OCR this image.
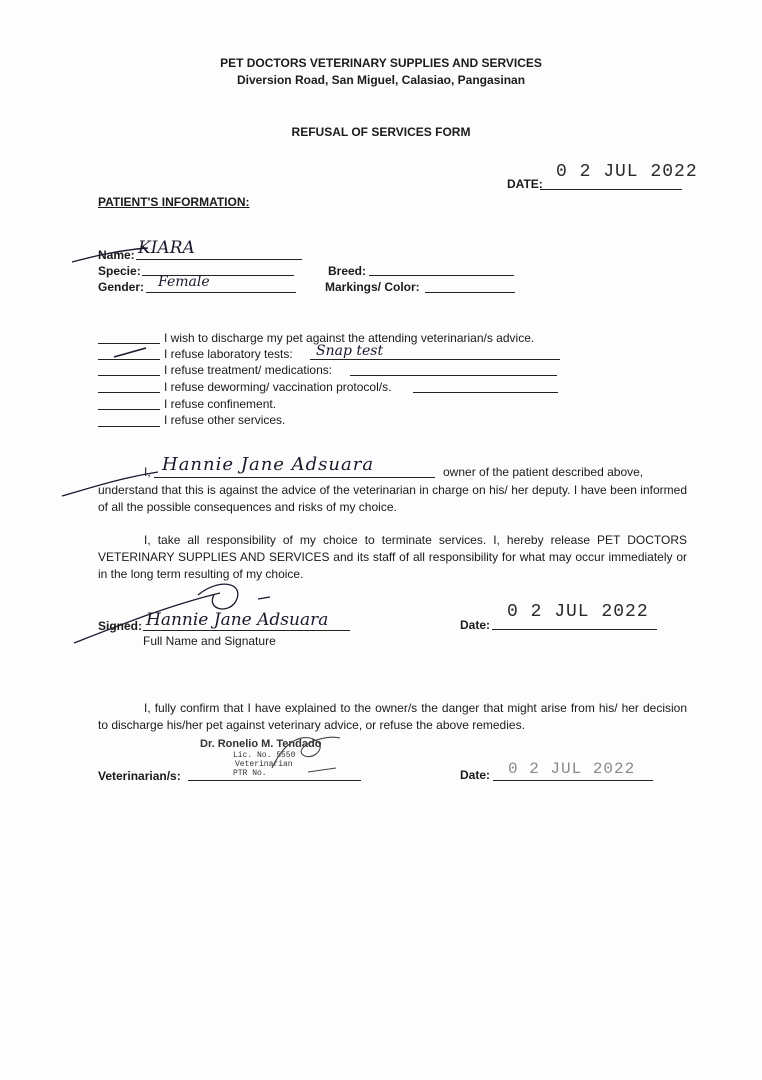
PET DOCTORS VETERINARY SUPPLIES AND SERVICES
Diversion Road, San Miguel, Calasiao, Pangasinan
REFUSAL OF SERVICES FORM
DATE:
0 2 JUL 2022
PATIENT'S INFORMATION:
Name: KIARA
Specie:	Breed:
Gender: Female	Markings/ Color:
I wish to discharge my pet against the attending veterinarian/s advice.
I refuse laboratory tests: Snap test
I refuse treatment/ medications:
I refuse deworming/ vaccination protocol/s.
I refuse confinement.
I refuse other services.
I, Hannie Jane Adsuara	owner of the patient described above,
understand that this is against the advice of the veterinarian in charge on his/ her deputy. I have been informed of all the possible consequences and risks of my choice.
I, take all responsibility of my choice to terminate services. I, hereby release PET DOCTORS VETERINARY SUPPLIES AND SERVICES and its staff of all responsibility for what may occur immediately or in the long term resulting of my choice.
Signed: Hannie Jane Adsuara
Full Name and Signature
Date:
0 2 JUL 2022
I, fully confirm that I have explained to the owner/s the danger that might arise from his/ her decision to discharge his/her pet against veterinary advice, or refuse the above remedies.
Veterinarian/s:
Dr. Ronelio M. Tendado
Lic. No. 5550
Veterinarian
PTR No.	Date: 0 2 JUL 2022
